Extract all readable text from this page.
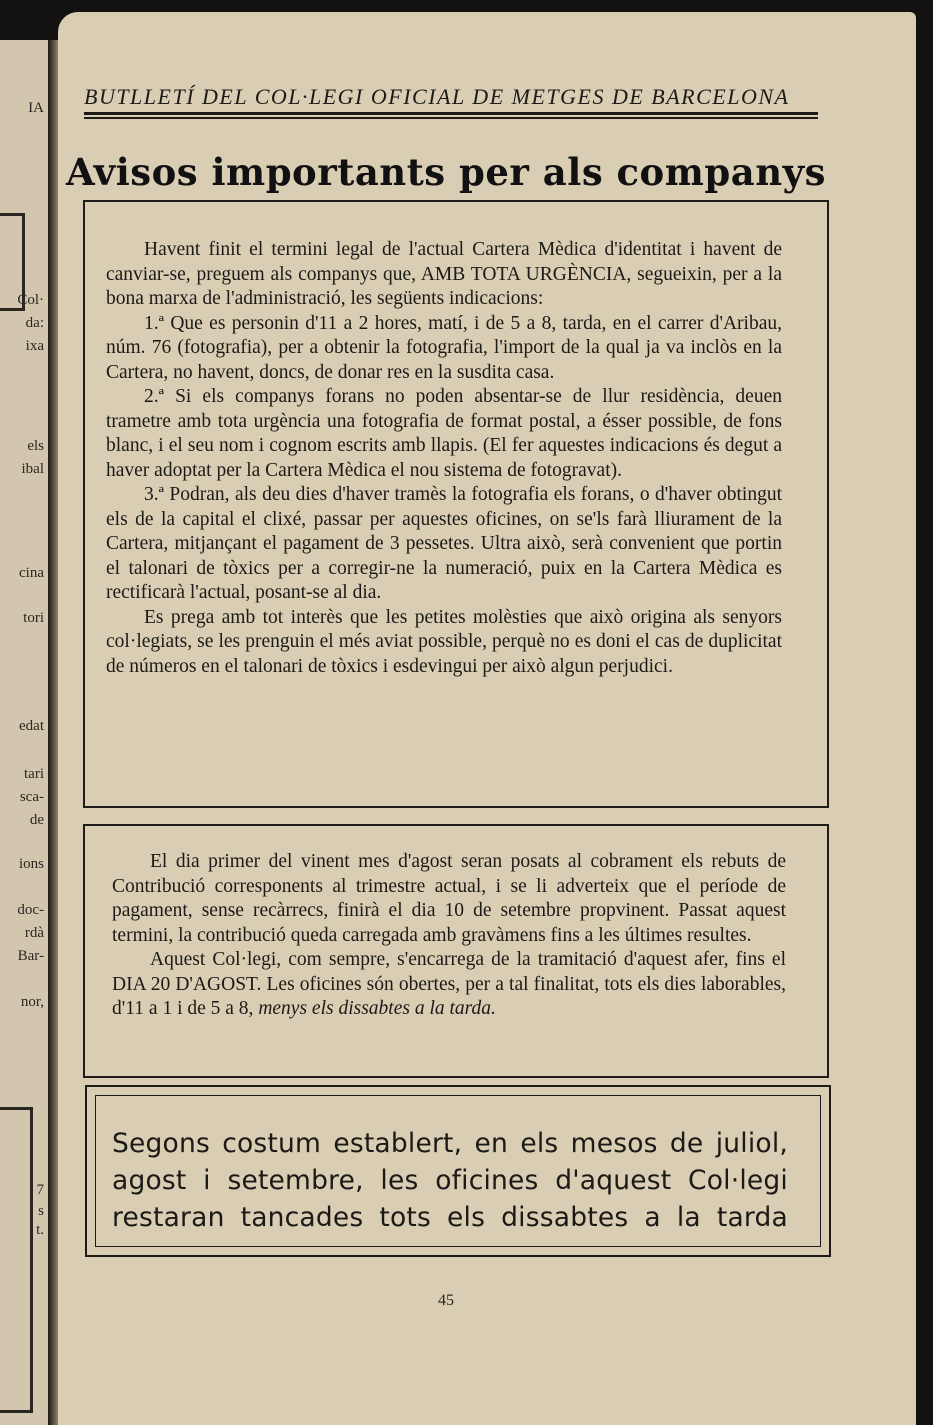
IA
Col·
da:
ixa
els
ibal
cina
tori
edat
tari
sca-
de
ions
doc-
rdà
Bar-
nor,
7
s
t.
BUTLLETÍ DEL COL·LEGI OFICIAL DE METGES DE BARCELONA
Avisos importants per als companys

Havent finit el termini legal de l'actual Cartera Mèdica d'identitat i havent de canviar-se, preguem als companys que, AMB TOTA URGÈNCIA, segueixin, per a la bona marxa de l'administració, les següents indicacions:

1.ª Que es personin d'11 a 2 hores, matí, i de 5 a 8, tarda, en el carrer d'Aribau, núm. 76 (fotografia), per a obtenir la fotografia, l'import de la qual ja va inclòs en la Cartera, no havent, doncs, de donar res en la susdita casa.

2.ª Si els companys forans no poden absentar-se de llur residència, deuen trametre amb tota urgència una fotografia de format postal, a ésser possible, de fons blanc, i el seu nom i cognom escrits amb llapis. (El fer aquestes indicacions és degut a haver adoptat per la Cartera Mèdica el nou sistema de fotogravat).

3.ª Podran, als deu dies d'haver tramès la fotografia els forans, o d'haver obtingut els de la capital el clixé, passar per aquestes oficines, on se'ls farà lliurament de la Cartera, mitjançant el pagament de 3 pessetes. Ultra això, serà convenient que portin el talonari de tòxics per a corregir-ne la numeració, puix en la Cartera Mèdica es rectificarà l'actual, posant-se al dia.

Es prega amb tot interès que les petites molèsties que això origina als senyors col·legiats, se les prenguin el més aviat possible, perquè no es doni el cas de duplicitat de números en el talonari de tòxics i esdevingui per això algun perjudici.

El dia primer del vinent mes d'agost seran posats al cobrament els rebuts de Contribució corresponents al trimestre actual, i se li adverteix que el període de pagament, sense recàrrecs, finirà el dia 10 de setembre propvinent. Passat aquest termini, la contribució queda carregada amb gravàmens fins a les últimes resultes.

Aquest Col·legi, com sempre, s'encarrega de la tramitació d'aquest afer, fins el DIA 20 D'AGOST. Les oficines són obertes, per a tal finalitat, tots els dies laborables, d'11 a 1 i de 5 a 8, menys els dissabtes a la tarda.

Segons costum establert, en els mesos de juliol,
agost i setembre, les oficines d'aquest Col·legi
restaran tancades tots els dissabtes a la tarda
45
